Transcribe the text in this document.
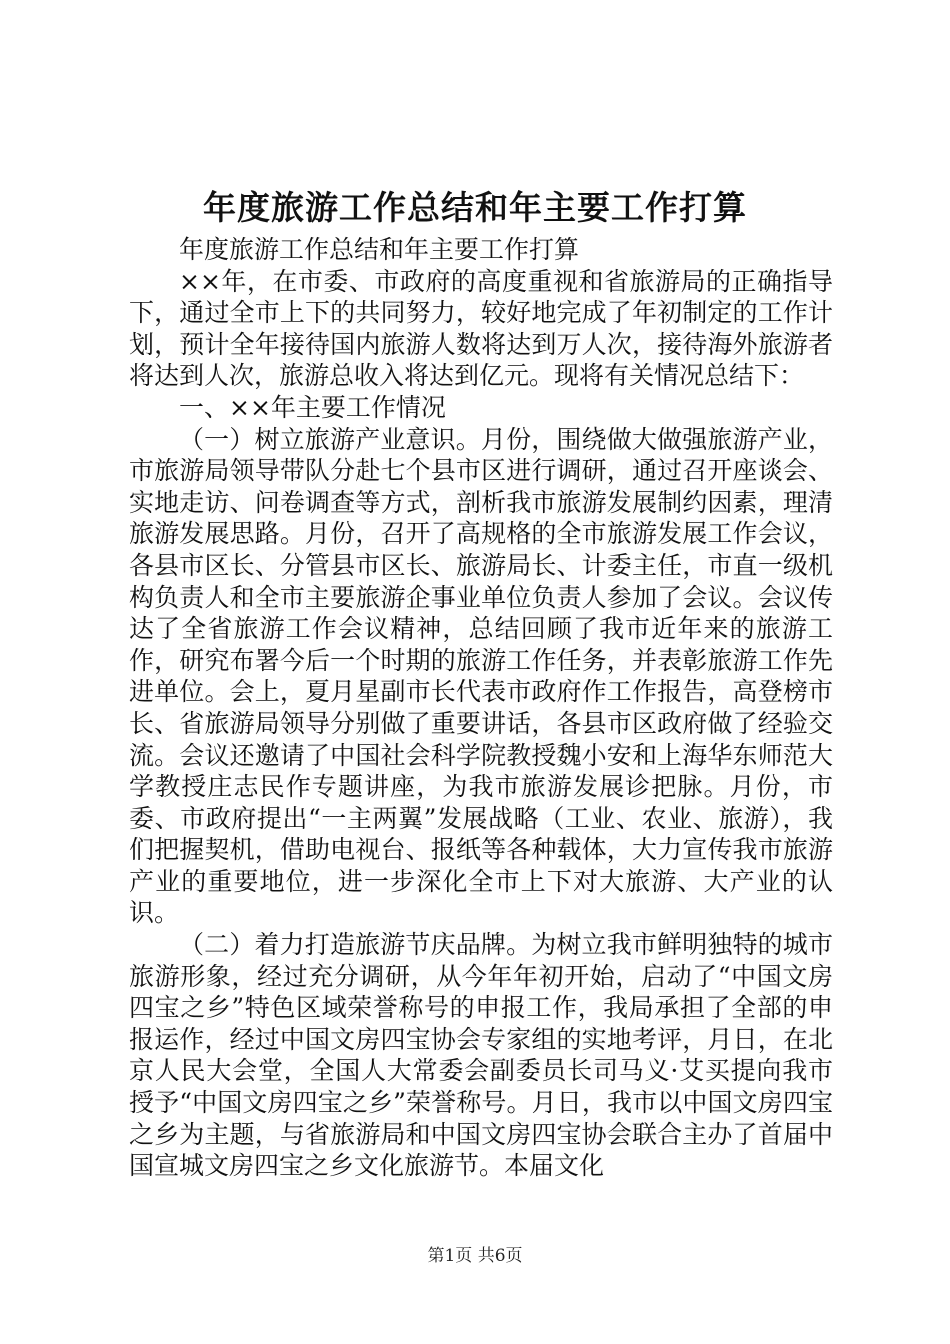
年度旅游工作总结和年主要工作打算

年度旅游工作总结和年主要工作打算

××年，在市委、市政府的高度重视和省旅游局的正确指导下，通过全市上下的共同努力，较好地完成了年初制定的工作计划，预计全年接待国内旅游人数将达到万人次，接待海外旅游者将达到人次，旅游总收入将达到亿元。现将有关情况总结下：

一、××年主要工作情况

（一）树立旅游产业意识。月份，围绕做大做强旅游产业，市旅游局领导带队分赴七个县市区进行调研，通过召开座谈会、实地走访、问卷调查等方式，剖析我市旅游发展制约因素，理清旅游发展思路。月份，召开了高规格的全市旅游发展工作会议，各县市区长、分管县市区长、旅游局长、计委主任，市直一级机构负责人和全市主要旅游企事业单位负责人参加了会议。会议传达了全省旅游工作会议精神，总结回顾了我市近年来的旅游工作，研究布署今后一个时期的旅游工作任务，并表彰旅游工作先进单位。会上，夏月星副市长代表市政府作工作报告，高登榜市长、省旅游局领导分别做了重要讲话，各县市区政府做了经验交流。会议还邀请了中国社会科学院教授魏小安和上海华东师范大学教授庄志民作专题讲座，为我市旅游发展诊把脉。月份，市委、市政府提出“一主两翼”发展战略（工业、农业、旅游），我们把握契机，借助电视台、报纸等各种载体，大力宣传我市旅游产业的重要地位，进一步深化全市上下对大旅游、大产业的认识。

（二）着力打造旅游节庆品牌。为树立我市鲜明独特的城市旅游形象，经过充分调研，从今年年初开始，启动了“中国文房四宝之乡”特色区域荣誉称号的申报工作，我局承担了全部的申报运作，经过中国文房四宝协会专家组的实地考评，月日，在北京人民大会堂，全国人大常委会副委员长司马义·艾买提向我市授予“中国文房四宝之乡”荣誉称号。月日，我市以中国文房四宝之乡为主题，与省旅游局和中国文房四宝协会联合主办了首届中国宣城文房四宝之乡文化旅游节。本届文化

第1页 共6页
